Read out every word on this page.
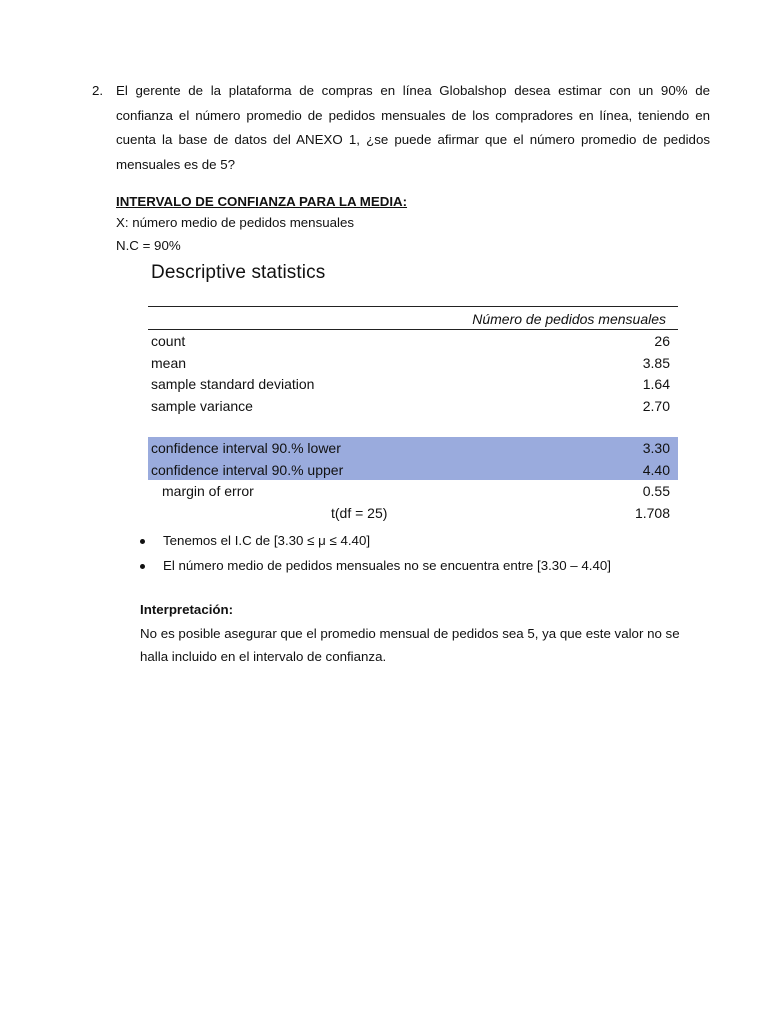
2. El gerente de la plataforma de compras en línea Globalshop desea estimar con un 90% de confianza el número promedio de pedidos mensuales de los compradores en línea, teniendo en cuenta la base de datos del ANEXO 1, ¿se puede afirmar que el número promedio de pedidos mensuales es de 5?
INTERVALO DE CONFIANZA PARA LA MEDIA:
X: número medio de pedidos mensuales
N.C = 90%
Descriptive statistics
Número de pedidos mensuales
count	26
mean	3.85
sample standard deviation	1.64
sample variance	2.70
confidence interval 90.% lower	3.30
confidence interval 90.% upper	4.40
margin of error	0.55
t(df = 25)	1.708
Tenemos el I.C de [3.30 ≤ μ ≤ 4.40]
El número medio de pedidos mensuales no se encuentra entre [3.30 – 4.40]
Interpretación:
No es posible asegurar que el promedio mensual de pedidos sea 5, ya que este valor no se halla incluido en el intervalo de confianza.
